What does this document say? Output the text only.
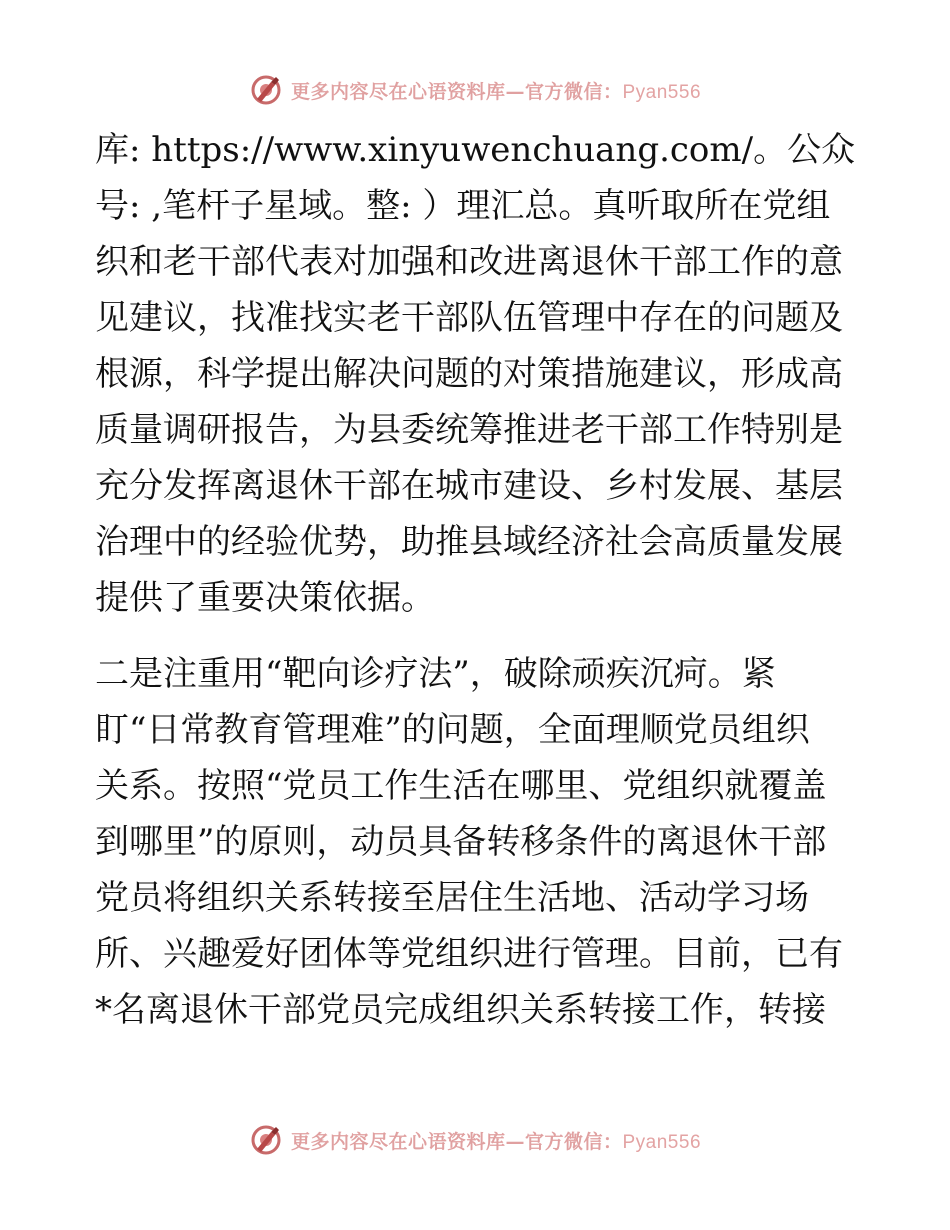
更多内容尽在心语资料库—官方微信：Pyan556
库: https://www.xinyuwenchuang.com/。公众
号: ,笔杆子星域。整: ）理汇总。真听取所在党组
织和老干部代表对加强和改进离退休干部工作的意
见建议，找准找实老干部队伍管理中存在的问题及
根源，科学提出解决问题的对策措施建议，形成高
质量调研报告，为县委统筹推进老干部工作特别是
充分发挥离退休干部在城市建设、乡村发展、基层
治理中的经验优势，助推县域经济社会高质量发展
提供了重要决策依据。
二是注重用“靶向诊疗法”，破除顽疾沉疴。紧
盯“日常教育管理难”的问题，全面理顺党员组织
关系。按照“党员工作生活在哪里、党组织就覆盖
到哪里”的原则，动员具备转移条件的离退休干部
党员将组织关系转接至居住生活地、活动学习场
所、兴趣爱好团体等党组织进行管理。目前，已有
*名离退休干部党员完成组织关系转接工作，转接
更多内容尽在心语资料库—官方微信：Pyan556
